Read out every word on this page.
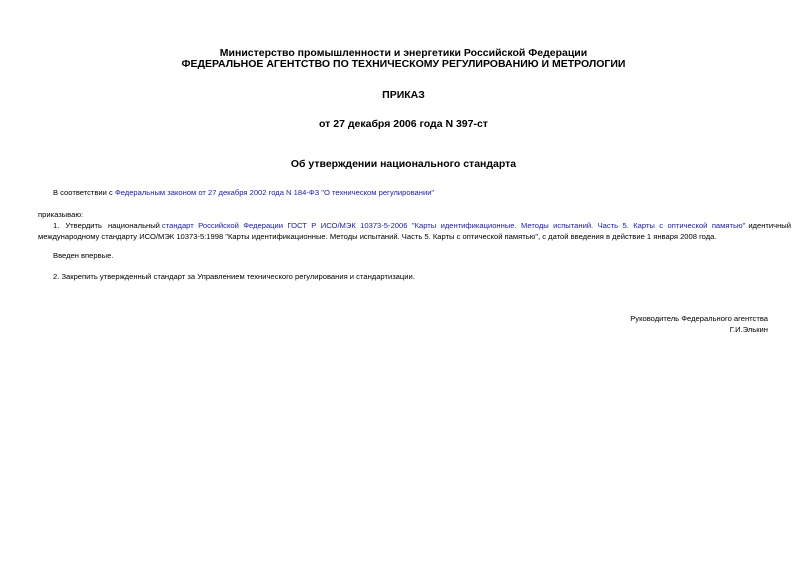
Министерство промышленности и энергетики Российской Федерации
ФЕДЕРАЛЬНОЕ АГЕНТСТВО ПО ТЕХНИЧЕСКОМУ РЕГУЛИРОВАНИЮ И МЕТРОЛОГИИ
ПРИКАЗ
от 27 декабря 2006 года N 397-ст
Об утверждении национального стандарта
В соответствии с Федеральным законом от 27 декабря 2002 года N 184-ФЗ "О техническом регулировании"
приказываю:
1. Утвердить национальный стандарт Российской Федерации ГОСТ Р ИСО/МЭК 10373-5-2006 "Карты идентификационные. Методы испытаний. Часть 5. Карты с оптической памятью" идентичный
международному стандарту ИСО/МЭК 10373-5:1998 "Карты идентификационные. Методы испытаний. Часть 5. Карты с оптической памятью", с датой введения в действие 1 января 2008 года.
Введен впервые.
2. Закрепить утвержденный стандарт за Управлением технического регулирования и стандартизации.
Руководитель Федерального агентства
Г.И.Элькин
